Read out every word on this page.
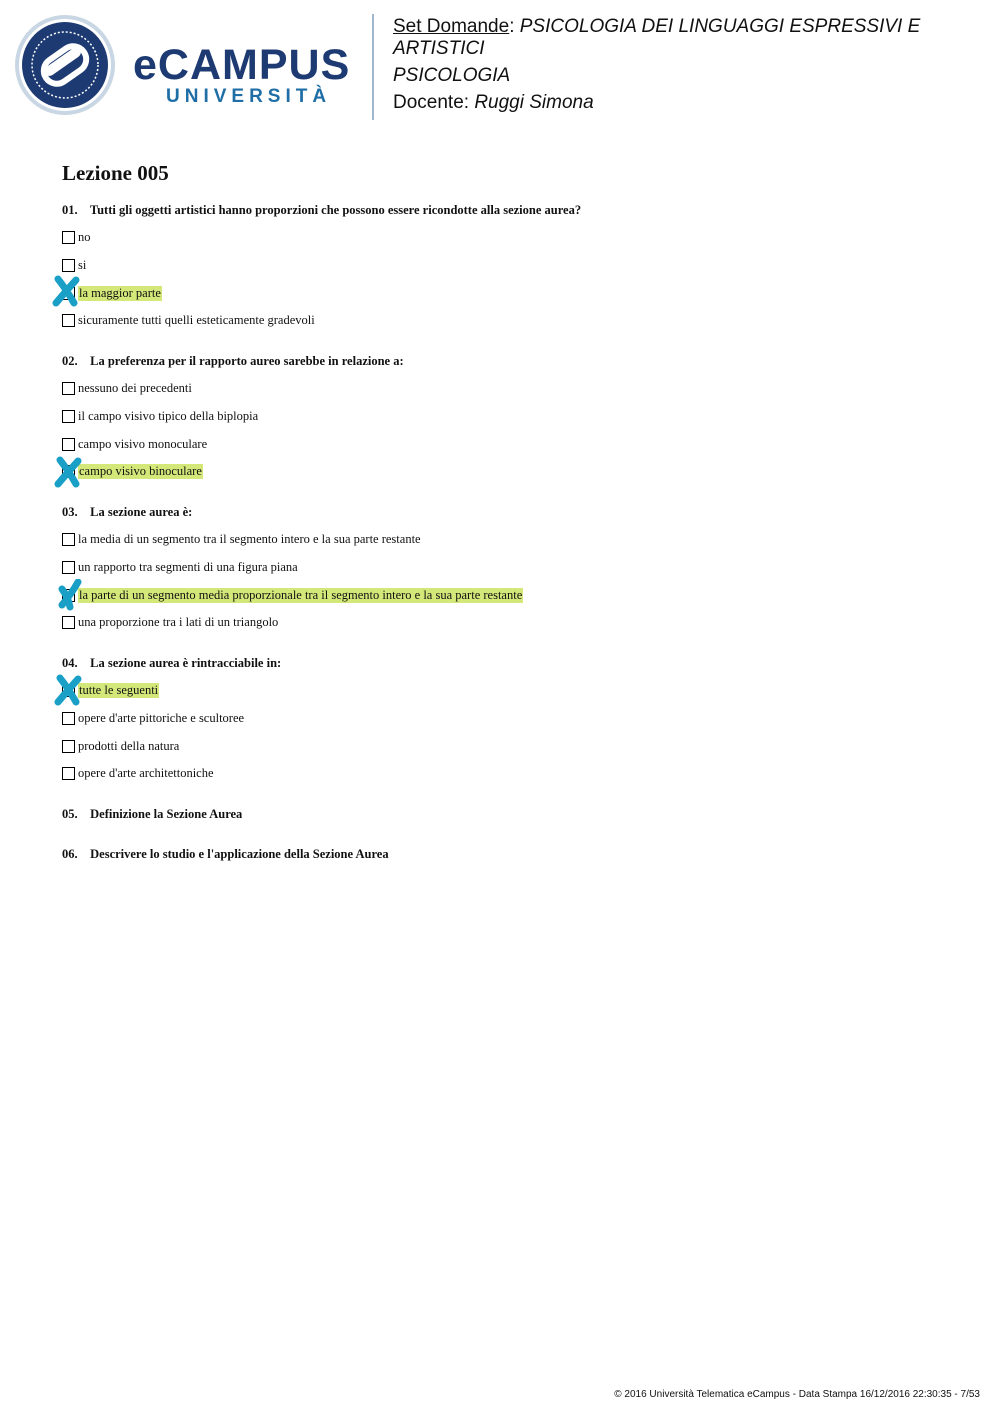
eCAMPUS
UNIVERSITÀ
Set Domande: PSICOLOGIA DEI LINGUAGGI ESPRESSIVI E
ARTISTICI
PSICOLOGIA
Docente: Ruggi Simona
Lezione 005
01. Tutti gli oggetti artistici hanno proporzioni che possono essere ricondotte alla sezione aurea?
no
si
la maggior parte
sicuramente tutti quelli esteticamente gradevoli
02. La preferenza per il rapporto aureo sarebbe in relazione a:
nessuno dei precedenti
il campo visivo tipico della biplopia
campo visivo monoculare
campo visivo binoculare
03. La sezione aurea è:
la media di un segmento tra il segmento intero e la sua parte restante
un rapporto tra segmenti di una figura piana
la parte di un segmento media proporzionale tra il segmento intero e la sua parte restante
una proporzione tra i lati di un triangolo
04. La sezione aurea è rintracciabile in:
tutte le seguenti
opere d'arte pittoriche e scultoree
prodotti della natura
opere d'arte architettoniche
05. Definizione la Sezione Aurea
06. Descrivere lo studio e l'applicazione della Sezione Aurea
© 2016 Università Telematica eCampus - Data Stampa 16/12/2016 22:30:35 - 7/53
